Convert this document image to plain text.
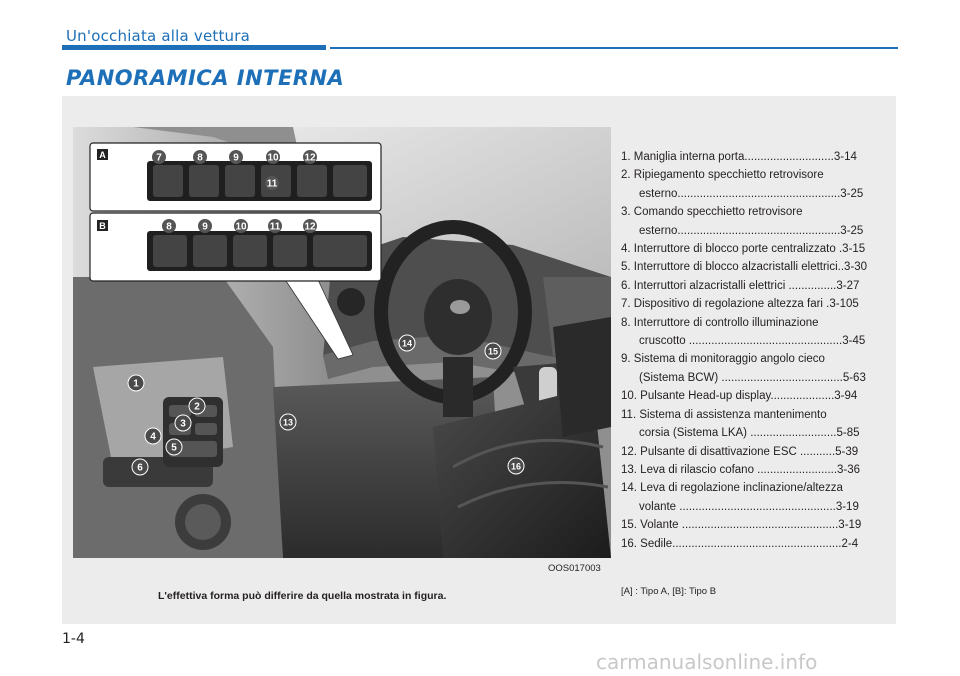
Un'occhiata alla vettura
PANORAMICA INTERNA
A	7	8	9	10	12
11
B	8	9	10 11 12
1
2
3
4
5
6
13
14
15
16
OOS017003
L'effettiva forma può differire da quella mostrata in figura.	[A] : Tipo A, [B]: Tipo B
1. Maniglia interna porta............................3-14
2. Ripiegamento specchietto retrovisore
esterno...................................................3-25
3. Comando specchietto retrovisore
esterno...................................................3-25
4. Interruttore di blocco porte centralizzato .3-15
5. Interruttore di blocco alzacristalli elettrici..3-30
6. Interruttori alzacristalli elettrici ...............3-27
7. Dispositivo di regolazione altezza fari .3-105
8. Interruttore di controllo illuminazione
cruscotto ................................................3-45
9. Sistema di monitoraggio angolo cieco
(Sistema BCW) ......................................5-63
10. Pulsante Head-up display....................3-94
11. Sistema di assistenza mantenimento
corsia (Sistema LKA) ...........................5-85
12. Pulsante di disattivazione ESC ...........5-39
13. Leva di rilascio cofano .........................3-36
14. Leva di regolazione inclinazione/altezza
volante .................................................3-19
15. Volante .................................................3-19
16. Sedile.....................................................2-4
1-4
carmanualsonline.info
